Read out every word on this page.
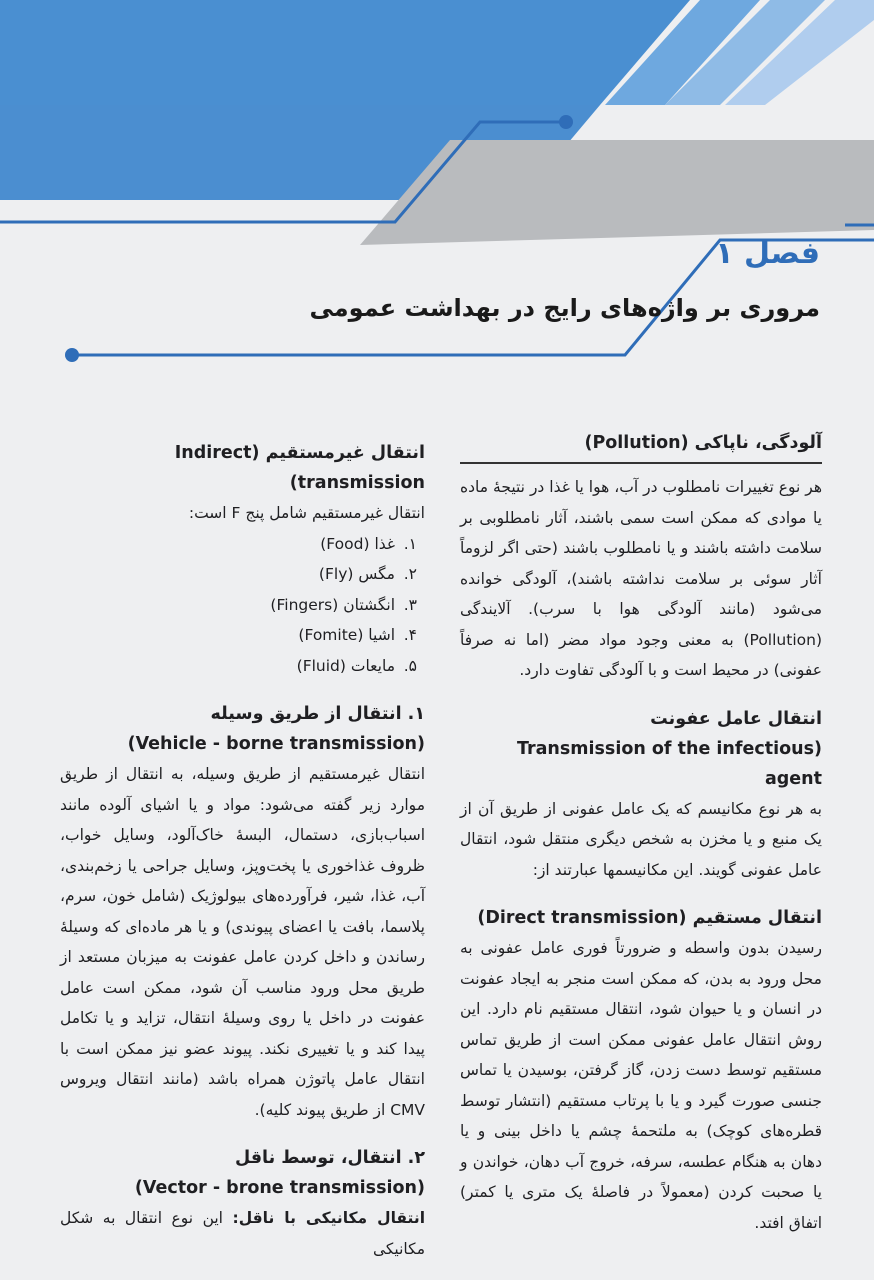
فصل ۱
مروری بر واژه‌های رایج در بهداشت عمومی
آلودگی، ناپاکی (Pollution)

هر نوع تغییرات نامطلوب در آب، هوا یا غذا در نتیجهٔ ماده یا موادی که ممکن است سمی باشند، آثار نامطلوبی بر سلامت داشته باشند و یا نامطلوب باشند (حتی اگر لزوماً آثار سوئی بر سلامت نداشته باشند)، آلودگی خوانده می‌شود (مانند آلودگی هوا با سرب). آلایندگی (Pollution) به معنی وجود مواد مضر (اما نه صرفاً عفونی) در محیط است و با آلودگی تفاوت دارد.

انتقال عامل عفونت
(Transmission of the infectious agent

به هر نوع مکانیسم که یک عامل عفونی از طریق آن از یک منبع و یا مخزن به شخص دیگری منتقل شود، انتقال عامل عفونی گویند. این مکانیسمها عبارتند از:

انتقال مستقیم (Direct transmission)

رسیدن بدون واسطه و ضرورتاً فوری عامل عفونی به محل ورود به بدن، که ممکن است منجر به ایجاد عفونت در انسان و یا حیوان شود، انتقال مستقیم نام دارد. این روش انتقال عامل عفونی ممکن است از طریق تماس مستقیم توسط دست زدن، گاز گرفتن، بوسیدن یا تماس جنسی صورت گیرد و یا با پرتاب مستقیم (انتشار توسط قطره‌های کوچک) به ملتحمهٔ چشم یا داخل بینی و یا دهان به هنگام عطسه، سرفه، خروج آب دهان، خواندن و یا صحبت کردن (معمولاً در فاصلهٔ یک متری یا کمتر) اتفاق افتد.

انتقال غیرمستقیم (Indirect transmission)

انتقال غیرمستقیم شامل پنج F است:

۱.
غذا (Food)
۲.
مگس (Fly)
۳.
انگشتان (Fingers)
۴.
اشیا (Fomite)
۵.
مایعات (Fluid)
۱. انتقال از طریق وسیله
(Vehicle - borne transmission)

انتقال غیرمستقیم از طریق وسیله، به انتقال از طریق موارد زیر گفته می‌شود: مواد و یا اشیای آلوده مانند اسباب‌بازی، دستمال، البسهٔ خاک‌آلود، وسایل خواب، ظروف غذاخوری یا پخت‌وپز، وسایل جراحی یا زخم‌بندی، آب، غذا، شیر، فرآورده‌های بیولوژیک (شامل خون، سرم، پلاسما، بافت یا اعضای پیوندی) و یا هر ماده‌ای که وسیلهٔ رساندن و داخل کردن عامل عفونت به میزبان مستعد از طریق محل ورود مناسب آن شود، ممکن است عامل عفونت در داخل یا روی وسیلهٔ انتقال، تزاید و یا تکامل پیدا کند و یا تغییری نکند. پیوند عضو نیز ممکن است با انتقال عامل پاتوژن همراه باشد (مانند انتقال ویروس CMV از طریق پیوند کلیه).

۲. انتقال، توسط ناقل
(Vector - brone transmission)

انتقال مکانیکی با ناقل: این نوع انتقال به شکل مکانیکی
